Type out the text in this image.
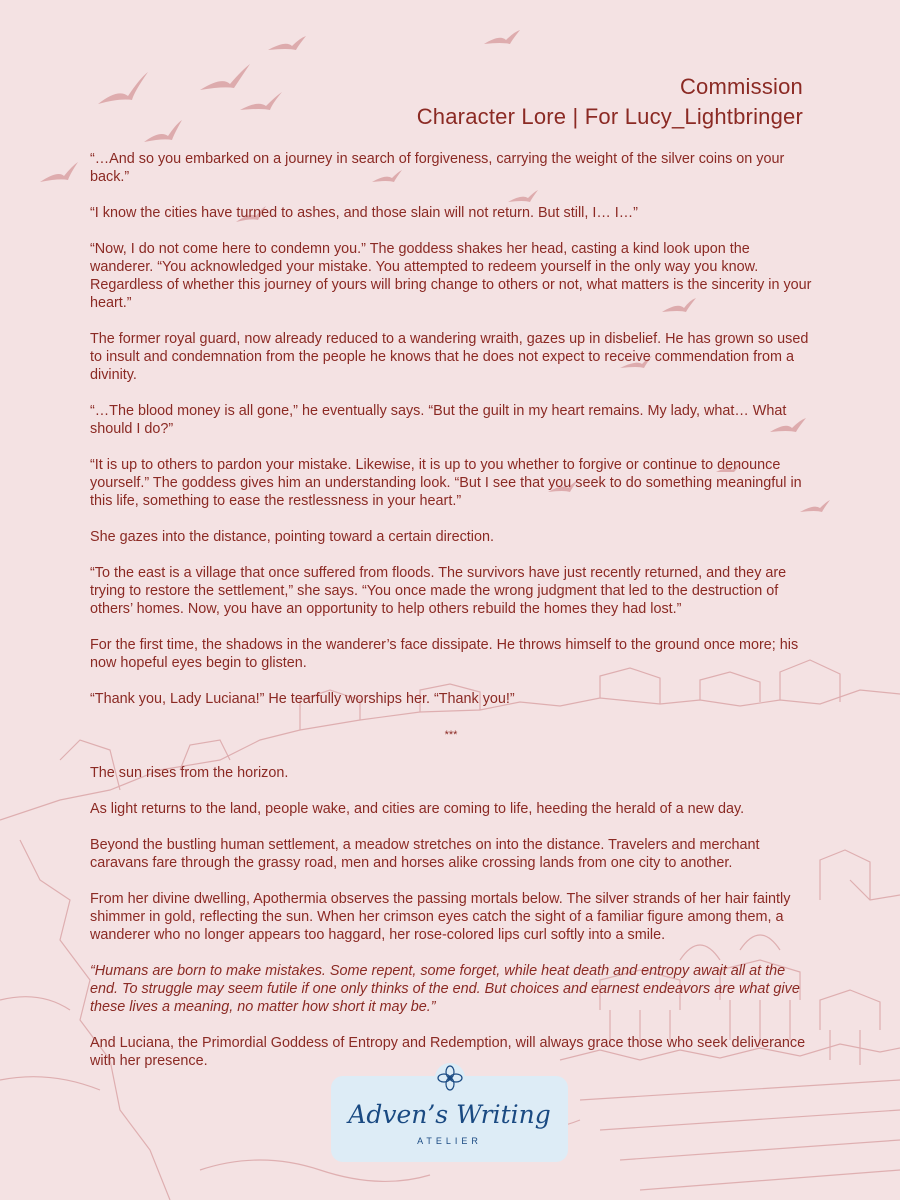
Commission
Character Lore | For Lucy_Lightbringer

“…And so you embarked on a journey in search of forgiveness, carrying the weight of the silver coins on your back.”

“I know the cities have turned to ashes, and those slain will not return. But still, I… I…”

“Now, I do not come here to condemn you.” The goddess shakes her head, casting a kind look upon the wanderer. “You acknowledged your mistake. You attempted to redeem yourself in the only way you know. Regardless of whether this journey of yours will bring change to others or not, what matters is the sincerity in your heart.”

The former royal guard, now already reduced to a wandering wraith, gazes up in disbelief. He has grown so used to insult and condemnation from the people he knows that he does not expect to receive commendation from a divinity.

“…The blood money is all gone,” he eventually says. “But the guilt in my heart remains. My lady, what… What should I do?”

“It is up to others to pardon your mistake. Likewise, it is up to you whether to forgive or continue to denounce yourself.” The goddess gives him an understanding look. “But I see that you seek to do something meaningful in this life, something to ease the restlessness in your heart.”

She gazes into the distance, pointing toward a certain direction.

“To the east is a village that once suffered from floods. The survivors have just recently returned, and they are trying to restore the settlement,” she says. “You once made the wrong judgment that led to the destruction of others’ homes. Now, you have an opportunity to help others rebuild the homes they had lost.”

For the first time, the shadows in the wanderer’s face dissipate. He throws himself to the ground once more; his now hopeful eyes begin to glisten.

“Thank you, Lady Luciana!” He tearfully worships her. “Thank you!”

***

The sun rises from the horizon.

As light returns to the land, people wake, and cities are coming to life, heeding the herald of a new day.

Beyond the bustling human settlement, a meadow stretches on into the distance. Travelers and merchant caravans fare through the grassy road, men and horses alike crossing lands from one city to another.

From her divine dwelling, Apothermia observes the passing mortals below. The silver strands of her hair faintly shimmer in gold, reflecting the sun. When her crimson eyes catch the sight of a familiar figure among them, a wanderer who no longer appears too haggard, her rose-colored lips curl softly into a smile.

“Humans are born to make mistakes. Some repent, some forget, while heat death and entropy await all at the end. To struggle may seem futile if one only thinks of the end. But choices and earnest endeavors are what give these lives a meaning, no matter how short it may be.”

And Luciana, the Primordial Goddess of Entropy and Redemption, will always grace those who seek deliverance with her presence.

Adven’s Writing
ATELIER
